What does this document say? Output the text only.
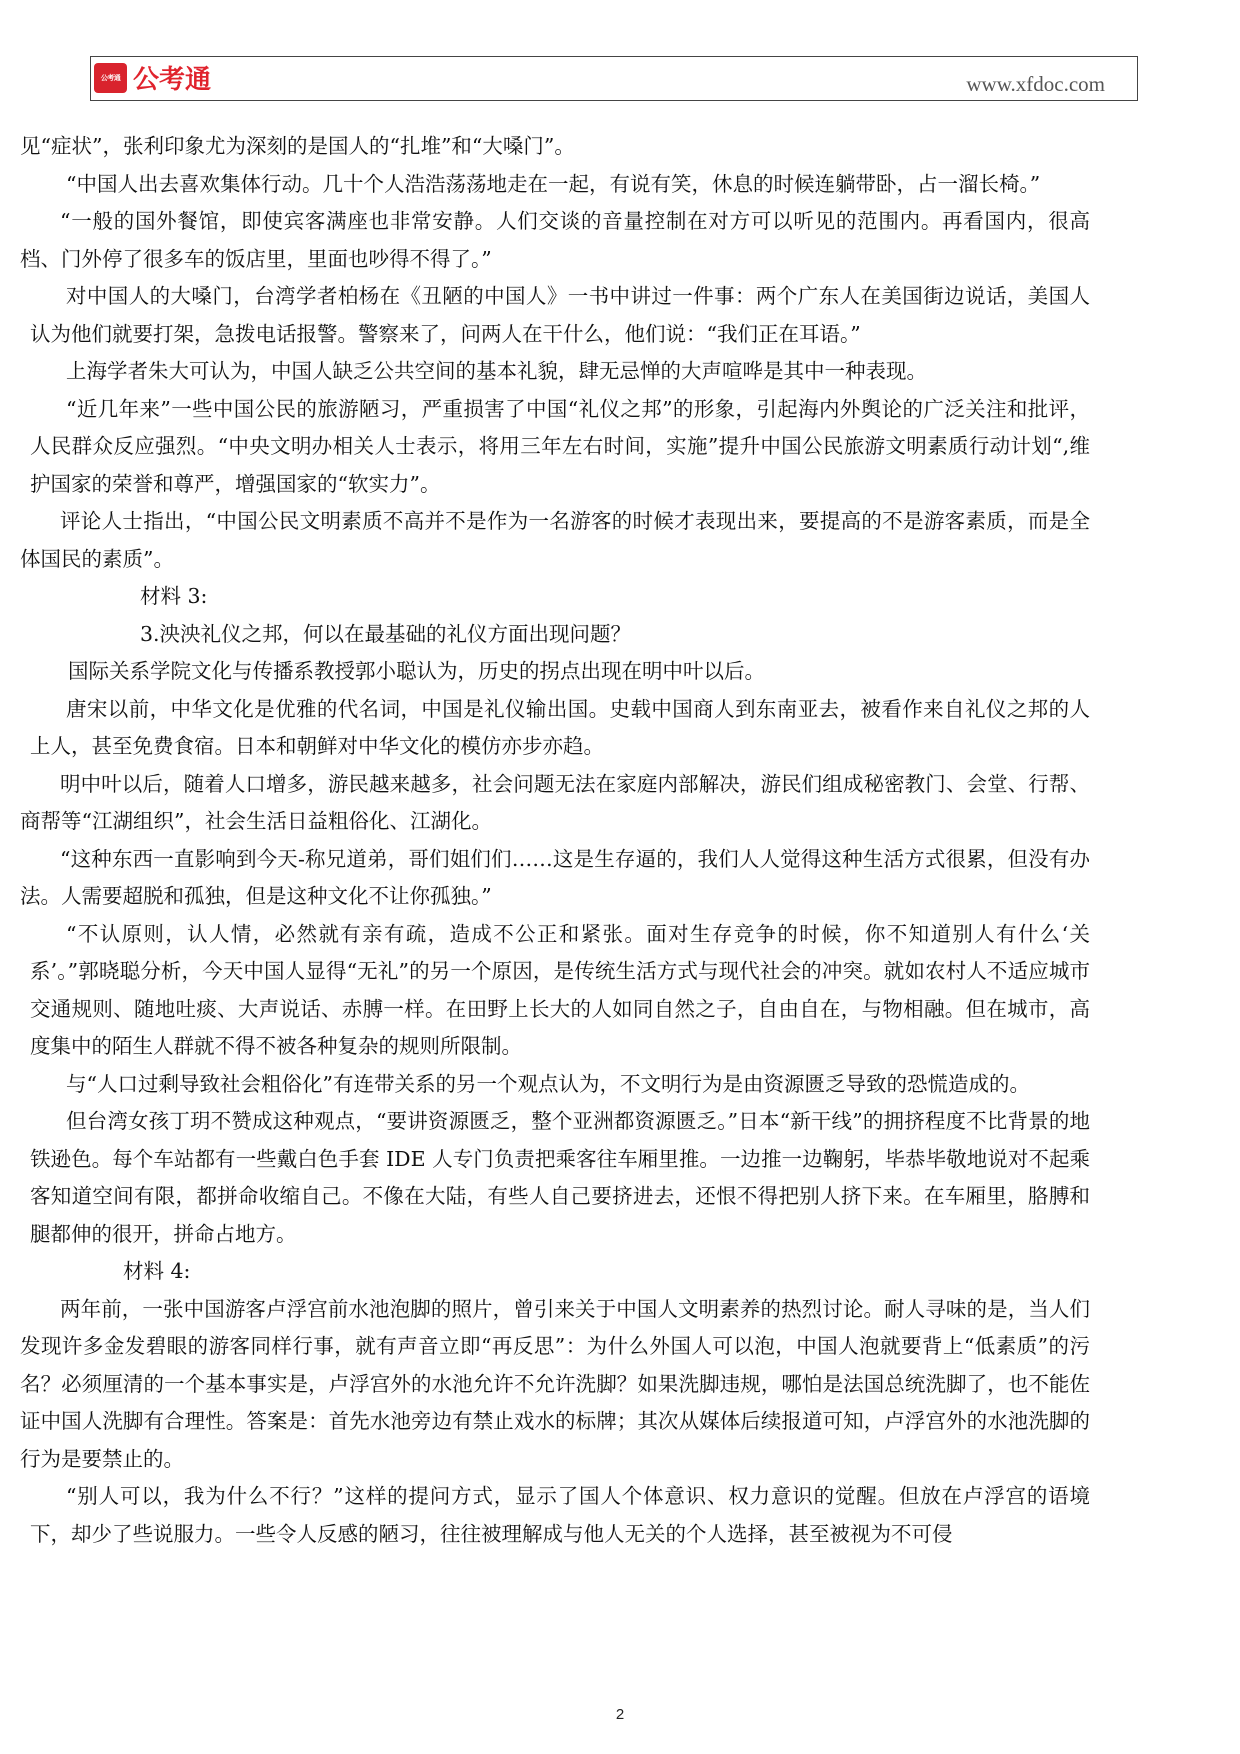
公考通 公考通	www.xfdoc.com

见“症状”，张利印象尤为深刻的是国人的“扎堆”和“大嗓门”。

“中国人出去喜欢集体行动。几十个人浩浩荡荡地走在一起，有说有笑，休息的时候连躺带卧，占一溜长椅。”

“一般的国外餐馆，即使宾客满座也非常安静。人们交谈的音量控制在对方可以听见的范围内。再看国内，很高档、门外停了很多车的饭店里，里面也吵得不得了。”

对中国人的大嗓门，台湾学者柏杨在《丑陋的中国人》一书中讲过一件事：两个广东人在美国街边说话，美国人认为他们就要打架，急拨电话报警。警察来了，问两人在干什么，他们说：“我们正在耳语。”

上海学者朱大可认为，中国人缺乏公共空间的基本礼貌，肆无忌惮的大声喧哗是其中一种表现。

“近几年来”一些中国公民的旅游陋习，严重损害了中国“礼仪之邦”的形象，引起海内外舆论的广泛关注和批评，人民群众反应强烈。“中央文明办相关人士表示，将用三年左右时间，实施”提升中国公民旅游文明素质行动计划“,维护国家的荣誉和尊严，增强国家的“软实力”。

评论人士指出，“中国公民文明素质不高并不是作为一名游客的时候才表现出来，要提高的不是游客素质，而是全体国民的素质”。

材料 3:

3.泱泱礼仪之邦，何以在最基础的礼仪方面出现问题？

国际关系学院文化与传播系教授郭小聪认为，历史的拐点出现在明中叶以后。

唐宋以前，中华文化是优雅的代名词，中国是礼仪输出国。史载中国商人到东南亚去，被看作来自礼仪之邦的人上人，甚至免费食宿。日本和朝鲜对中华文化的模仿亦步亦趋。

明中叶以后，随着人口增多，游民越来越多，社会问题无法在家庭内部解决，游民们组成秘密教门、会堂、行帮、商帮等“江湖组织”，社会生活日益粗俗化、江湖化。

“这种东西一直影响到今天-称兄道弟，哥们姐们们……这是生存逼的，我们人人觉得这种生活方式很累，但没有办法。人需要超脱和孤独，但是这种文化不让你孤独。”

“不认原则，认人情，必然就有亲有疏，造成不公正和紧张。面对生存竞争的时候，你不知道别人有什么‘关系’。”郭晓聪分析，今天中国人显得“无礼”的另一个原因，是传统生活方式与现代社会的冲突。就如农村人不适应城市交通规则、随地吐痰、大声说话、赤膊一样。在田野上长大的人如同自然之子，自由自在，与物相融。但在城市，高度集中的陌生人群就不得不被各种复杂的规则所限制。

与“人口过剩导致社会粗俗化”有连带关系的另一个观点认为，不文明行为是由资源匮乏导致的恐慌造成的。

但台湾女孩丁玥不赞成这种观点，“要讲资源匮乏，整个亚洲都资源匮乏。”日本“新干线”的拥挤程度不比背景的地铁逊色。每个车站都有一些戴白色手套 IDE 人专门负责把乘客往车厢里推。一边推一边鞠躬，毕恭毕敬地说对不起乘客知道空间有限，都拼命收缩自己。不像在大陆，有些人自己要挤进去，还恨不得把别人挤下来。在车厢里，胳膊和腿都伸的很开，拼命占地方。

材料 4:

两年前，一张中国游客卢浮宫前水池泡脚的照片，曾引来关于中国人文明素养的热烈讨论。耐人寻味的是，当人们发现许多金发碧眼的游客同样行事，就有声音立即“再反思”：为什么外国人可以泡，中国人泡就要背上“低素质”的污名？必须厘清的一个基本事实是，卢浮宫外的水池允许不允许洗脚？如果洗脚违规，哪怕是法国总统洗脚了，也不能佐证中国人洗脚有合理性。答案是：首先水池旁边有禁止戏水的标牌；其次从媒体后续报道可知，卢浮宫外的水池洗脚的行为是要禁止的。

“别人可以，我为什么不行？”这样的提问方式，显示了国人个体意识、权力意识的觉醒。但放在卢浮宫的语境下，却少了些说服力。一些令人反感的陋习，往往被理解成与他人无关的个人选择，甚至被视为不可侵

2
